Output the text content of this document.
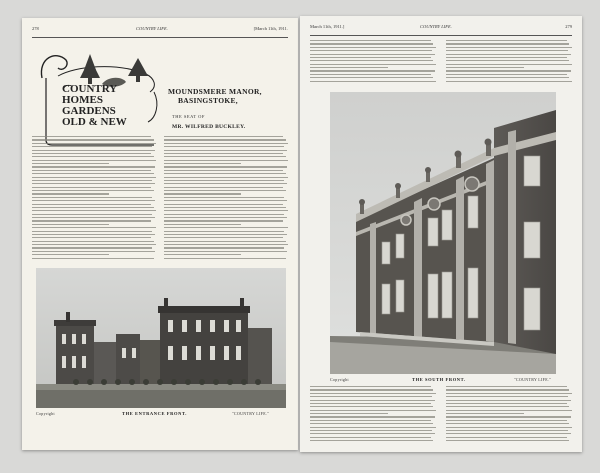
278	COUNTRY LIFE.	[March 11th, 1911.
COUNTRY
HOMES
GARDENS
OLD & NEW
MOUNDSMERE MANOR,
BASINGSTOKE,
THE SEAT OF
MR. WILFRED BUCKLEY.
Copyright	THE ENTRANCE FRONT.	"COUNTRY LIFE."
March 11th, 1911.]	COUNTRY LIFE.	279
Copyright	THE SOUTH FRONT.	"COUNTRY LIFE."
